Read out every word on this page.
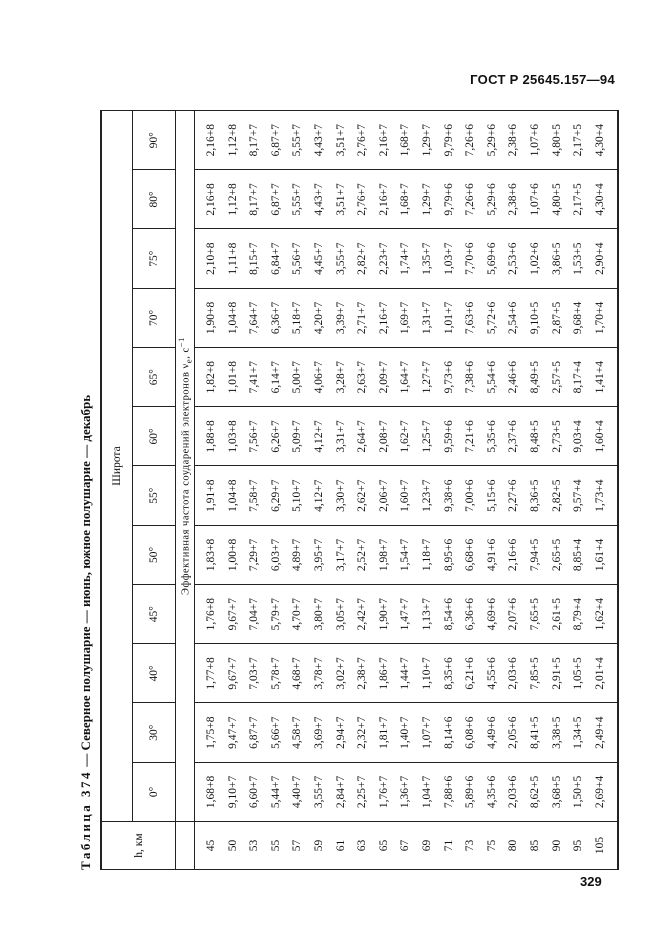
ГОСТ Р 25645.157—94
Таблица 374 — Северное полушарие — июнь, южное полушарие — декабрь
h, км	Широта											
	0°	30°	40°	45°	50°	55°	60°	65°	70°	75°	80°	90°
	Эффективная частота соударений электронов $\nu_e$, $с^{-1}$
45	1,68+8	1,75+8	1,77+8	1,76+8	1,83+8	1,91+8	1,88+8	1,82+8	1,90+8	2,10+8	2,16+8	2,16+8
50	9,10+7	9,47+7	9,67+7	9,67+7	1,00+8	1,04+8	1,03+8	1,01+8	1,04+8	1,11+8	1,12+8	1,12+8
53	6,60+7	6,87+7	7,03+7	7,04+7	7,29+7	7,58+7	7,56+7	7,41+7	7,64+7	8,15+7	8,17+7	8,17+7
55	5,44+7	5,66+7	5,78+7	5,79+7	6,03+7	6,29+7	6,26+7	6,14+7	6,36+7	6,84+7	6,87+7	6,87+7
57	4,40+7	4,58+7	4,68+7	4,70+7	4,89+7	5,10+7	5,09+7	5,00+7	5,18+7	5,56+7	5,55+7	5,55+7
59	3,55+7	3,69+7	3,78+7	3,80+7	3,95+7	4,12+7	4,12+7	4,06+7	4,20+7	4,45+7	4,43+7	4,43+7
61	2,84+7	2,94+7	3,02+7	3,05+7	3,17+7	3,30+7	3,31+7	3,28+7	3,39+7	3,55+7	3,51+7	3,51+7
63	2,25+7	2,32+7	2,38+7	2,42+7	2,52+7	2,62+7	2,64+7	2,63+7	2,71+7	2,82+7	2,76+7	2,76+7
65	1,76+7	1,81+7	1,86+7	1,90+7	1,98+7	2,06+7	2,08+7	2,09+7	2,16+7	2,23+7	2,16+7	2,16+7
67	1,36+7	1,40+7	1,44+7	1,47+7	1,54+7	1,60+7	1,62+7	1,64+7	1,69+7	1,74+7	1,68+7	1,68+7
69	1,04+7	1,07+7	1,10+7	1,13+7	1,18+7	1,23+7	1,25+7	1,27+7	1,31+7	1,35+7	1,29+7	1,29+7
71	7,88+6	8,14+6	8,35+6	8,54+6	8,95+6	9,38+6	9,59+6	9,73+6	1,01+7	1,03+7	9,79+6	9,79+6
73	5,89+6	6,08+6	6,21+6	6,36+6	6,68+6	7,00+6	7,21+6	7,38+6	7,63+6	7,70+6	7,26+6	7,26+6
75	4,35+6	4,49+6	4,55+6	4,69+6	4,91+6	5,15+6	5,35+6	5,54+6	5,72+6	5,69+6	5,29+6	5,29+6
80	2,03+6	2,05+6	2,03+6	2,07+6	2,16+6	2,27+6	2,37+6	2,46+6	2,54+6	2,53+6	2,38+6	2,38+6
85	8,62+5	8,41+5	7,85+5	7,65+5	7,94+5	8,36+5	8,48+5	8,49+5	9,10+5	1,02+6	1,07+6	1,07+6
90	3,68+5	3,38+5	2,91+5	2,61+5	2,65+5	2,82+5	2,73+5	2,57+5	2,87+5	3,86+5	4,80+5	4,80+5
95	1,50+5	1,34+5	1,05+5	8,79+4	8,85+4	9,57+4	9,03+4	8,17+4	9,68+4	1,53+5	2,17+5	2,17+5
105	2,69+4	2,49+4	2,01+4	1,62+4	1,61+4	1,73+4	1,60+4	1,41+4	1,70+4	2,90+4	4,30+4	4,30+4
329
